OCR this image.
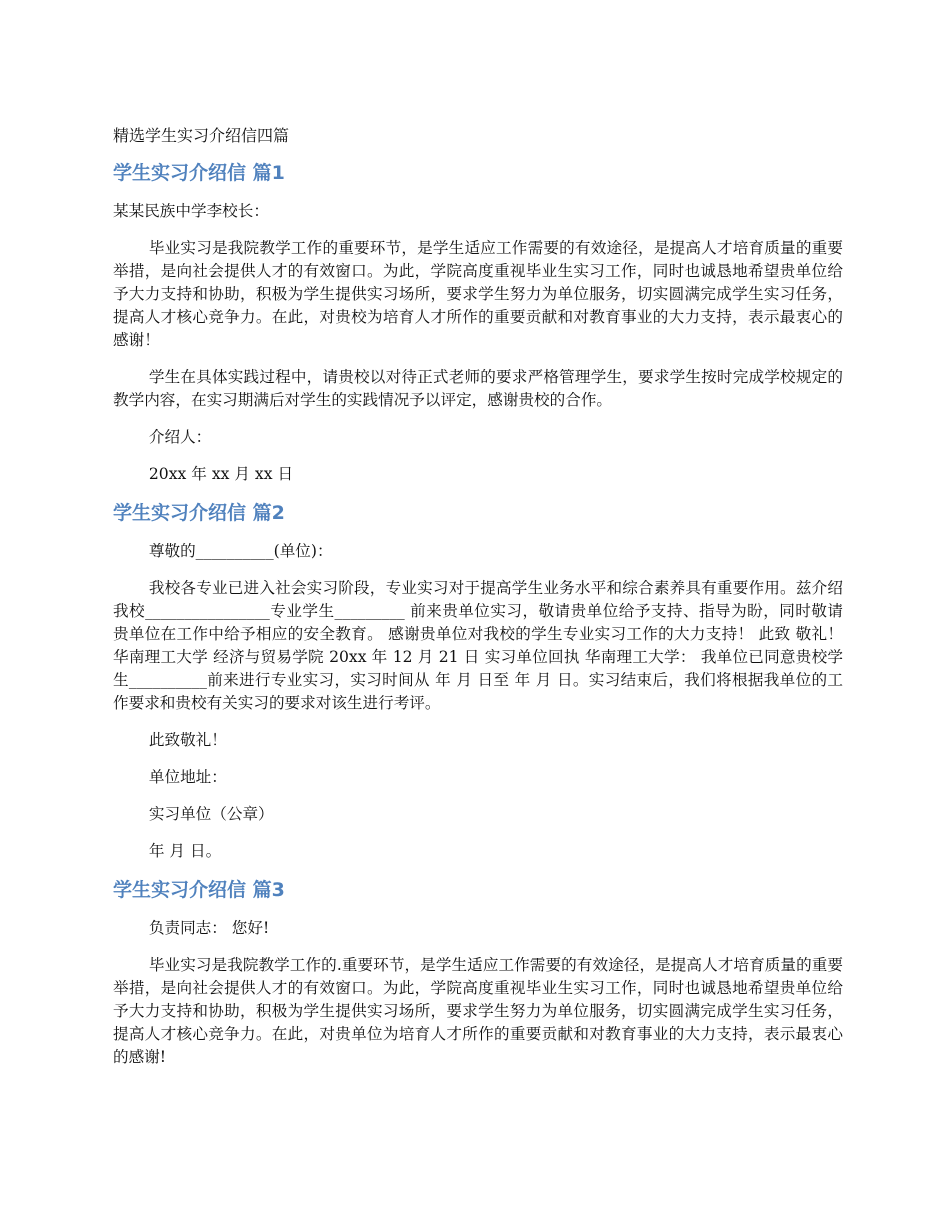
精选学生实习介绍信四篇
学生实习介绍信 篇1

某某民族中学李校长：

毕业实习是我院教学工作的重要环节，是学生适应工作需要的有效途径，是提高人才培育质量的重要举措，是向社会提供人才的有效窗口。为此，学院高度重视毕业生实习工作，同时也诚恳地希望贵单位给予大力支持和协助，积极为学生提供实习场所，要求学生努力为单位服务，切实圆满完成学生实习任务，提高人才核心竞争力。在此，对贵校为培育人才所作的重要贡献和对教育事业的大力支持，表示最衷心的感谢！

学生在具体实践过程中，请贵校以对待正式老师的要求严格管理学生，要求学生按时完成学校规定的教学内容，在实习期满后对学生的实践情况予以评定，感谢贵校的合作。

介绍人：

20xx 年 xx 月 xx 日

学生实习介绍信 篇2

尊敬的__________(单位)：

我校各专业已进入社会实习阶段，专业实习对于提高学生业务水平和综合素养具有重要作用。兹介绍我校________________专业学生_________ 前来贵单位实习，敬请贵单位给予支持、指导为盼，同时敬请贵单位在工作中给予相应的安全教育。 感谢贵单位对我校的学生专业实习工作的大力支持！ 此致 敬礼！ 华南理工大学 经济与贸易学院 20xx 年 12 月 21 日 实习单位回执 华南理工大学： 我单位已同意贵校学生__________前来进行专业实习，实习时间从 年 月 日至 年 月 日。实习结束后，我们将根据我单位的工作要求和贵校有关实习的要求对该生进行考评。

此致敬礼！

单位地址：

实习单位（公章）

年 月 日。

学生实习介绍信 篇3

负责同志： 您好!

毕业实习是我院教学工作的.重要环节，是学生适应工作需要的有效途径，是提高人才培育质量的重要举措，是向社会提供人才的有效窗口。为此，学院高度重视毕业生实习工作，同时也诚恳地希望贵单位给予大力支持和协助，积极为学生提供实习场所，要求学生努力为单位服务，切实圆满完成学生实习任务，提高人才核心竞争力。在此，对贵单位为培育人才所作的重要贡献和对教育事业的大力支持，表示最衷心的感谢!
